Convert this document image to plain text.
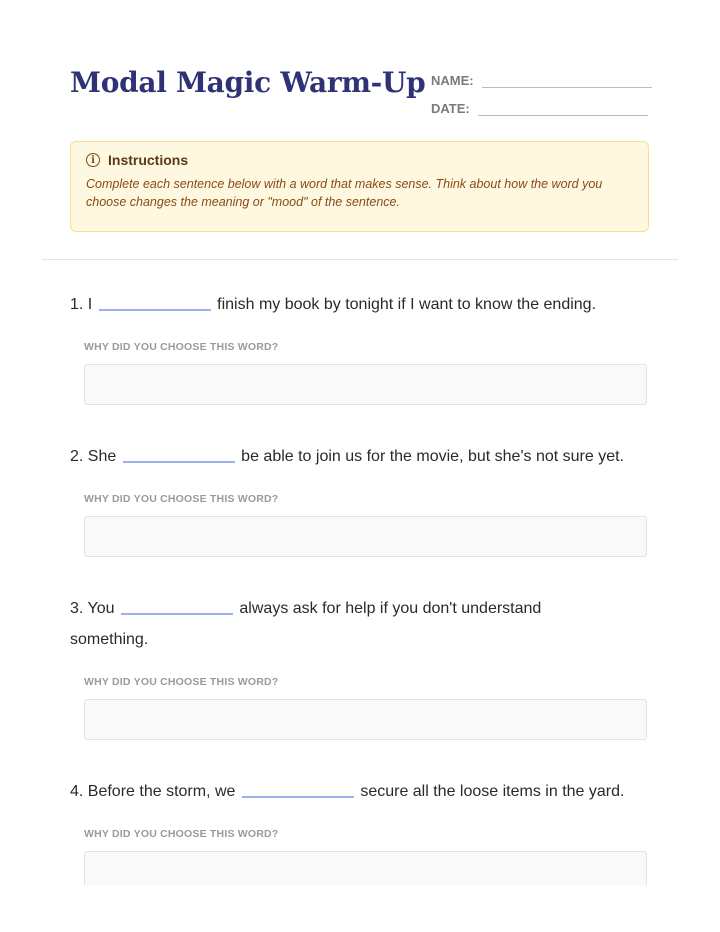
Modal Magic Warm-Up NAME:
DATE:
i Instructions
Complete each sentence below with a word that makes sense. Think about how the word you choose changes the meaning or "mood" of the sentence.
1. I	finish my book by tonight if I want to know the ending.
WHY DID YOU CHOOSE THIS WORD?
2. She	be able to join us for the movie, but she's not sure yet.
WHY DID YOU CHOOSE THIS WORD?
3. You	always ask for help if you don't understand something.
WHY DID YOU CHOOSE THIS WORD?
4. Before the storm, we	secure all the loose items in the yard.
WHY DID YOU CHOOSE THIS WORD?
